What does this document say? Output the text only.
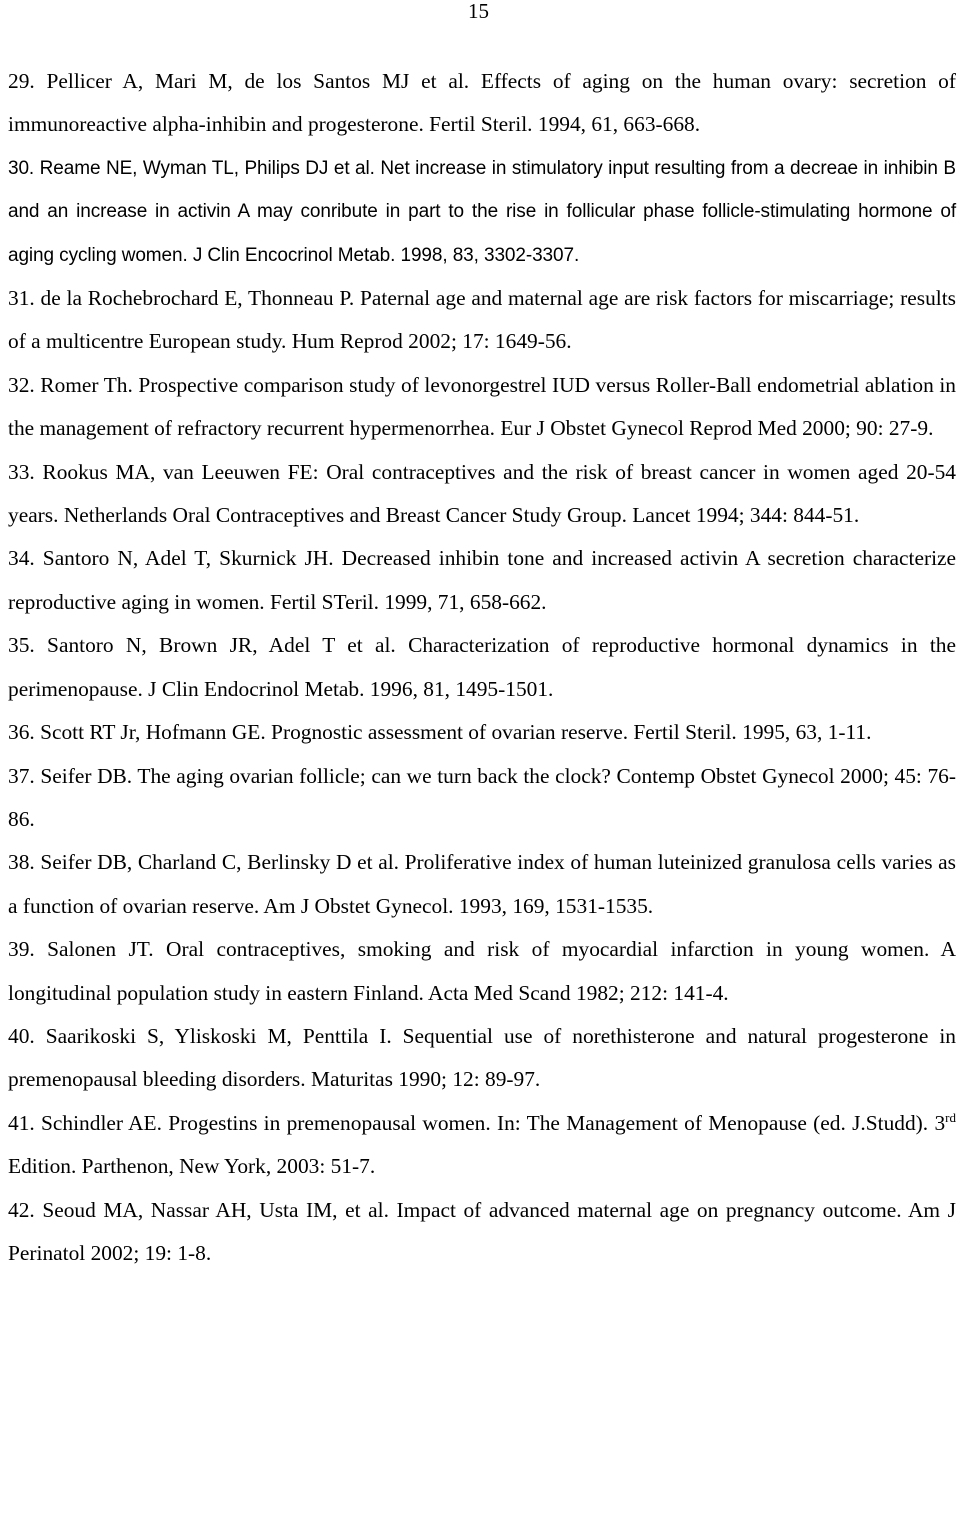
15

29. Pellicer A, Mari M, de los Santos MJ et al. Effects of aging on the human ovary: secretion of immunoreactive alpha-inhibin and progesterone. Fertil Steril. 1994, 61, 663-668.

30. Reame NE, Wyman TL, Philips DJ et al. Net increase in stimulatory input resulting from a decreae in inhibin B and an increase in activin A may conribute in part to the rise in follicular phase follicle-stimulating hormone of aging cycling women. J Clin Encocrinol Metab. 1998, 83, 3302-3307.

31. de la Rochebrochard E, Thonneau P. Paternal age and maternal age are risk factors for miscarriage; results of a multicentre European study. Hum Reprod 2002; 17: 1649-56.

32. Romer Th. Prospective comparison study of levonorgestrel IUD versus Roller-Ball endometrial ablation in the management of refractory recurrent hypermenorrhea. Eur J Obstet Gynecol Reprod Med 2000; 90: 27-9.

33. Rookus MA, van Leeuwen FE: Oral contraceptives and the risk of breast cancer in women aged 20-54 years. Netherlands Oral Contraceptives and Breast Cancer Study Group. Lancet 1994; 344: 844-51.

34. Santoro N, Adel T, Skurnick JH. Decreased inhibin tone and increased activin A secretion characterize reproductive aging in women. Fertil STeril. 1999, 71, 658-662.

35. Santoro N, Brown JR, Adel T et al. Characterization of reproductive hormonal dynamics in the perimenopause. J Clin Endocrinol Metab. 1996, 81, 1495-1501.

36. Scott RT Jr, Hofmann GE. Prognostic assessment of ovarian reserve. Fertil Steril. 1995, 63, 1-11.

37. Seifer DB. The aging ovarian follicle; can we turn back the clock? Contemp Obstet Gynecol 2000; 45: 76-86.

38. Seifer DB, Charland C, Berlinsky D et al. Proliferative index of human luteinized granulosa cells varies as a function of ovarian reserve. Am J Obstet Gynecol. 1993, 169, 1531-1535.

39. Salonen JT. Oral contraceptives, smoking and risk of myocardial infarction in young women. A longitudinal population study in eastern Finland. Acta Med Scand 1982; 212: 141-4.

40. Saarikoski S, Yliskoski M, Penttila I. Sequential use of norethisterone and natural progesterone in premenopausal bleeding disorders. Maturitas 1990; 12: 89-97.

41. Schindler AE. Progestins in premenopausal women. In: The Management of Menopause (ed. J.Studd). 3rd Edition. Parthenon, New York, 2003: 51-7.

42. Seoud MA, Nassar AH, Usta IM, et al. Impact of advanced maternal age on pregnancy outcome. Am J Perinatol 2002; 19: 1-8.
